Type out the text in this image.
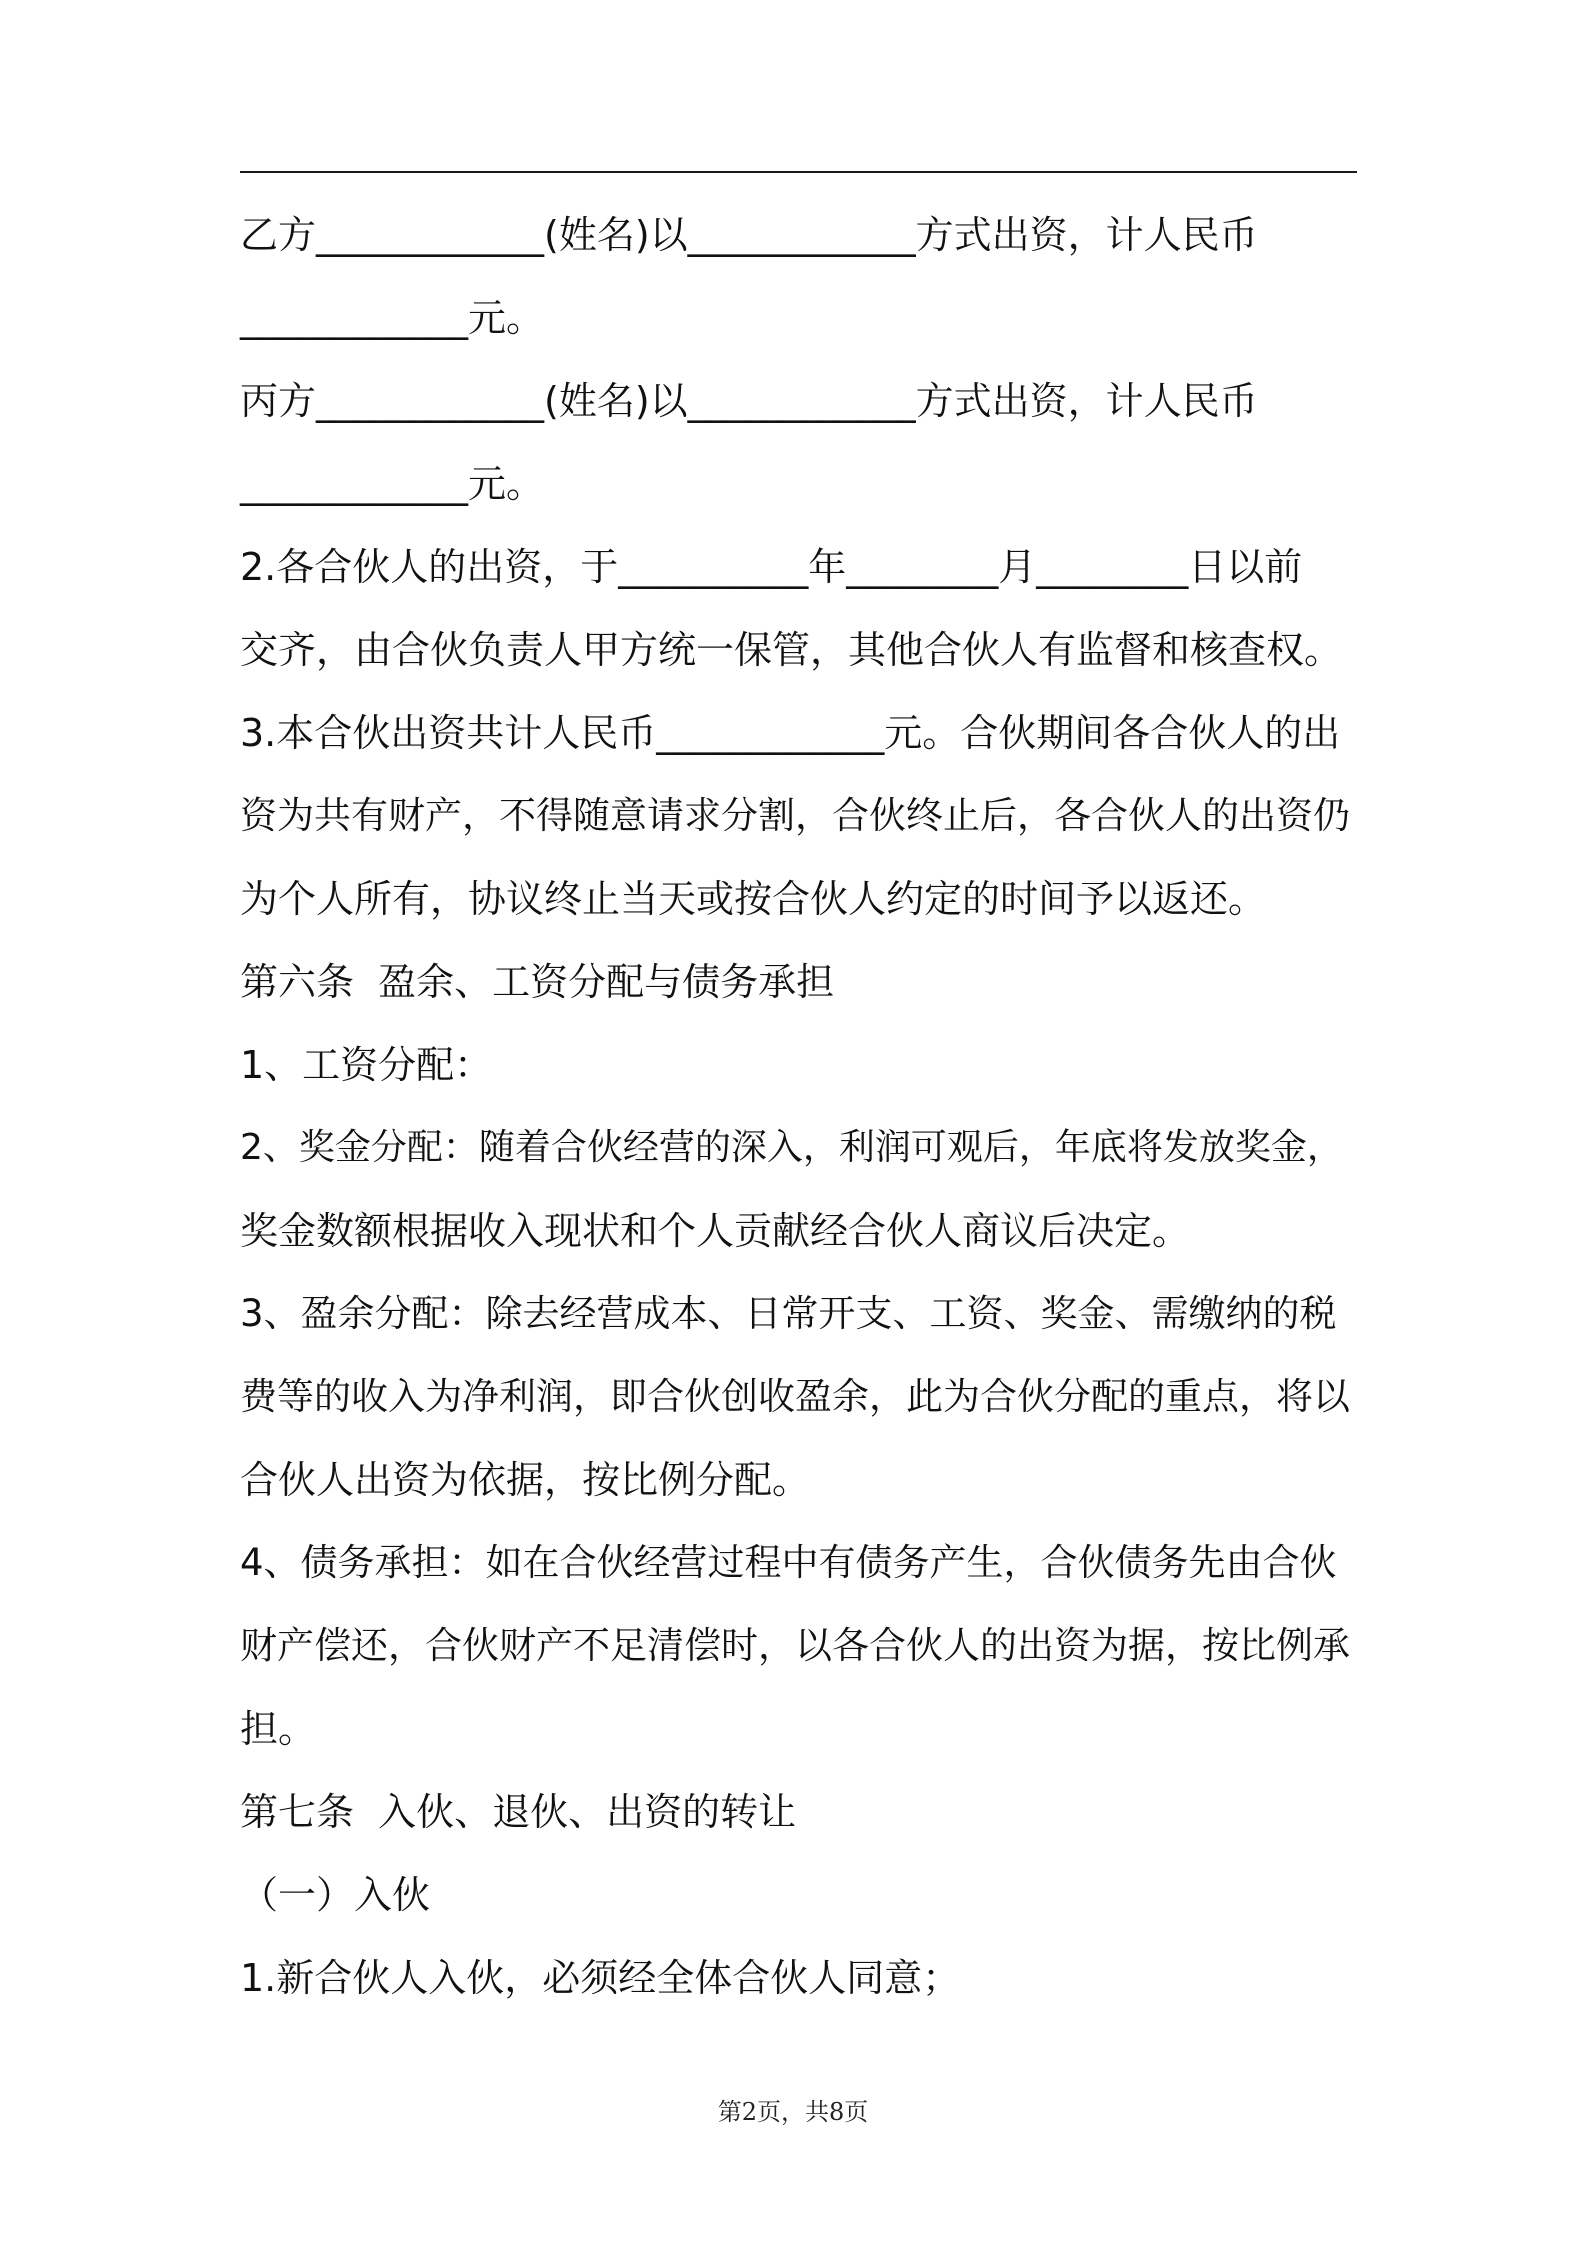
乙方____________(姓名)以____________方式出资，计人民币
____________元。
丙方____________(姓名)以____________方式出资，计人民币
____________元。
2.各合伙人的出资，于__________年________月________日以前
交齐，由合伙负责人甲方统一保管，其他合伙人有监督和核查权。
3.本合伙出资共计人民币____________元。合伙期间各合伙人的出
资为共有财产，不得随意请求分割，合伙终止后，各合伙人的出资仍
为个人所有，协议终止当天或按合伙人约定的时间予以返还。
第六条  盈余、工资分配与债务承担
1、工资分配：
2、奖金分配：随着合伙经营的深入，利润可观后，年底将发放奖金，
奖金数额根据收入现状和个人贡献经合伙人商议后决定。
3、盈余分配：除去经营成本、日常开支、工资、奖金、需缴纳的税
费等的收入为净利润，即合伙创收盈余，此为合伙分配的重点，将以
合伙人出资为依据，按比例分配。
4、债务承担：如在合伙经营过程中有债务产生，合伙债务先由合伙
财产偿还，合伙财产不足清偿时，以各合伙人的出资为据，按比例承
担。
第七条  入伙、退伙、出资的转让
（一）入伙
1.新合伙人入伙，必须经全体合伙人同意；
第2页，共8页
